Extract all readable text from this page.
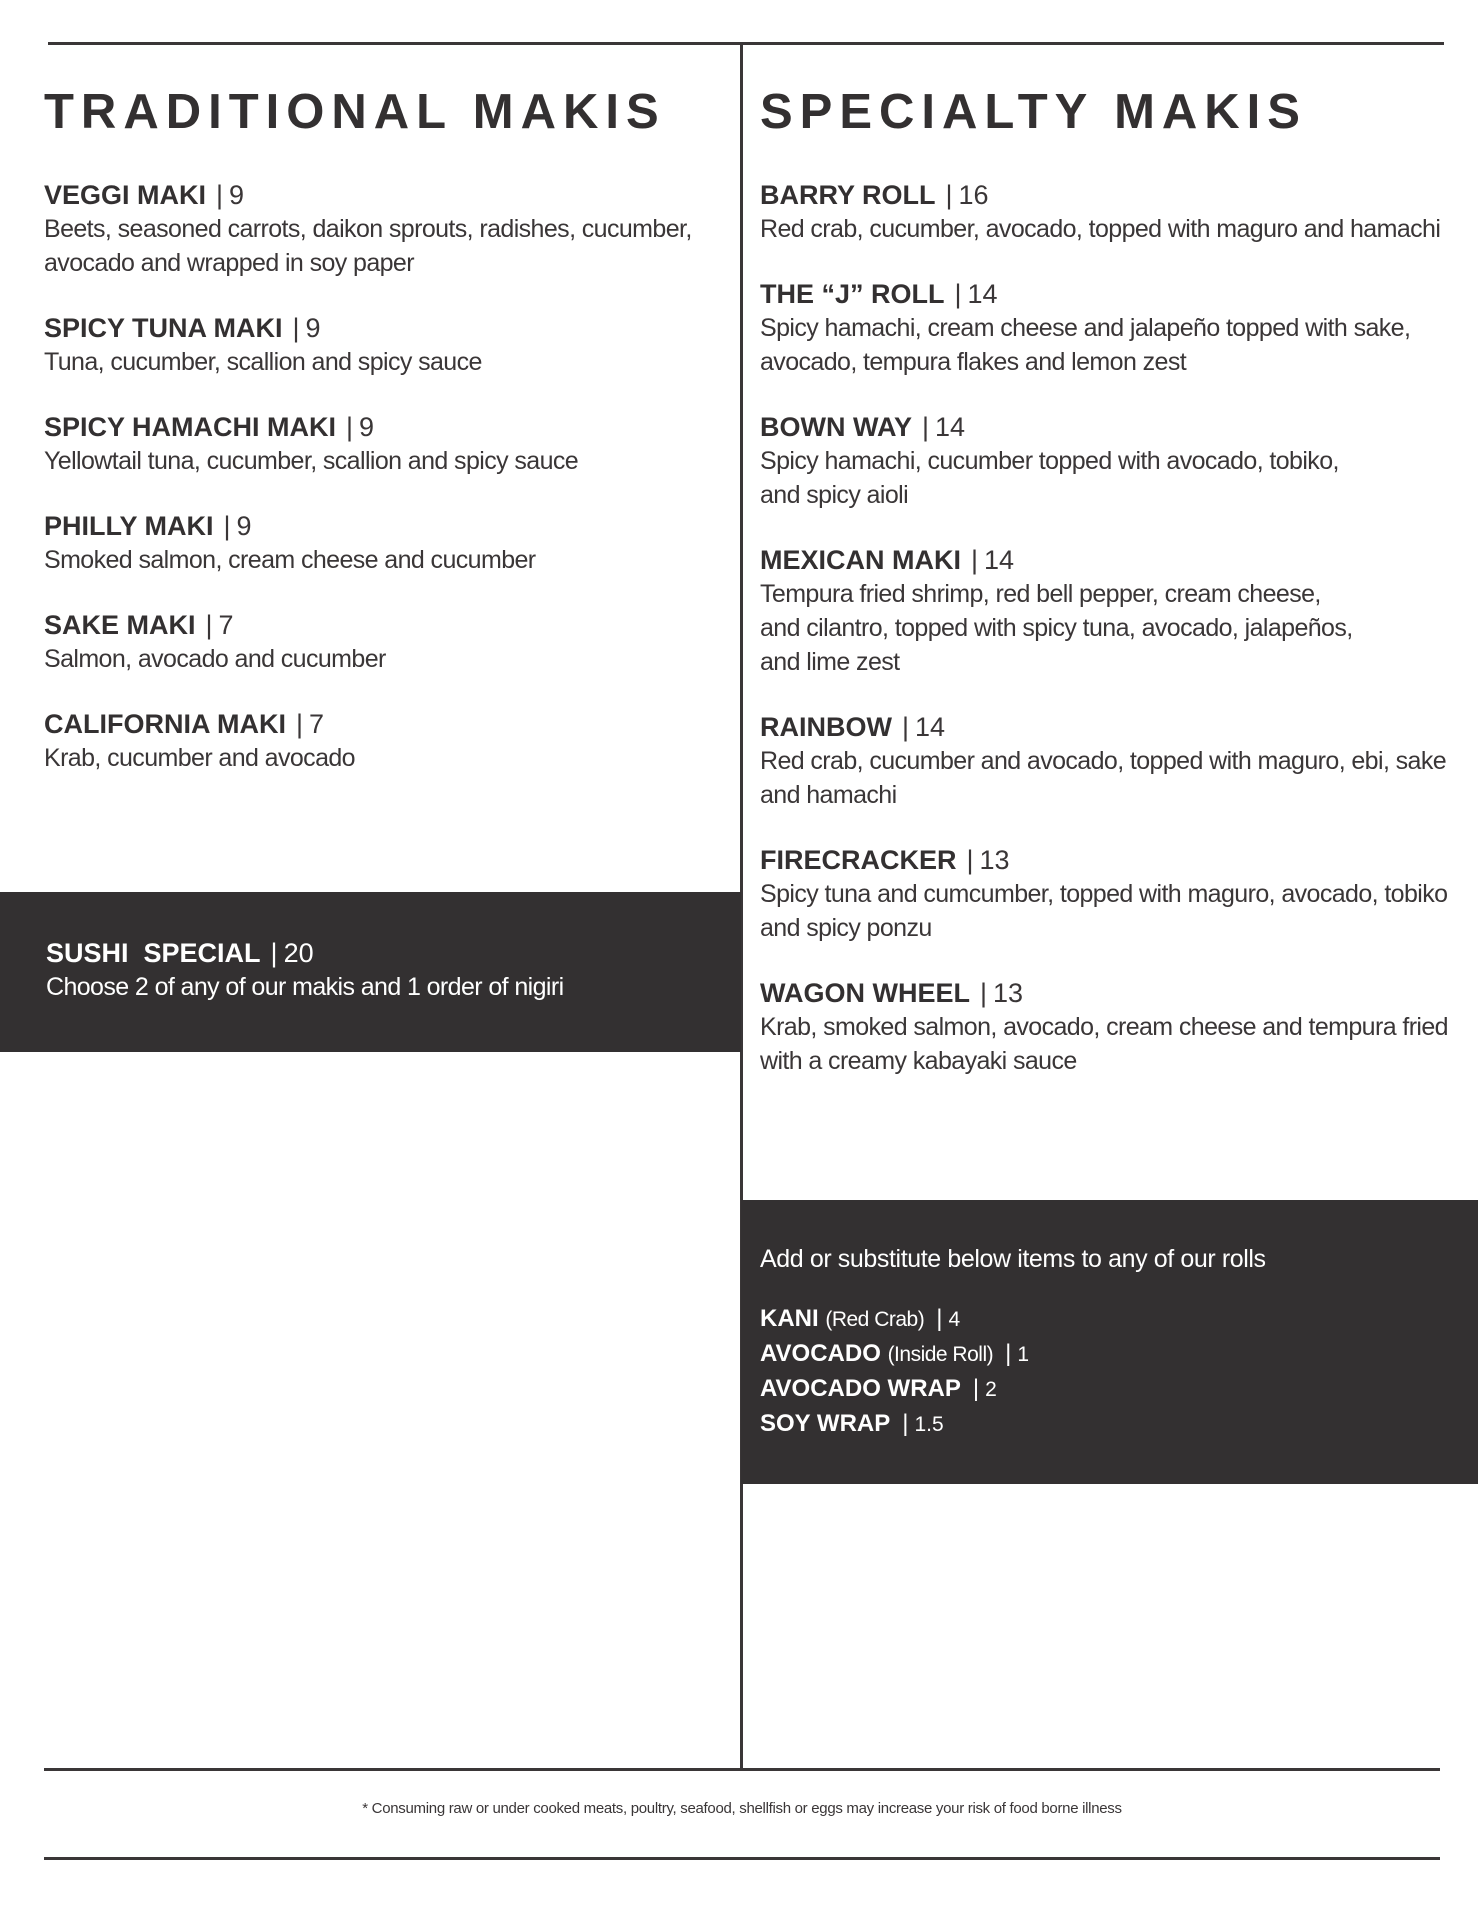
TRADITIONAL MAKIS
VEGGI MAKI | 9
Beets, seasoned carrots, daikon sprouts, radishes, cucumber, avocado and wrapped in soy paper
SPICY TUNA MAKI | 9
Tuna, cucumber, scallion and spicy sauce
SPICY HAMACHI MAKI | 9
Yellowtail tuna, cucumber, scallion and spicy sauce
PHILLY MAKI | 9
Smoked salmon, cream cheese and cucumber
SAKE MAKI | 7
Salmon, avocado and cucumber
CALIFORNIA MAKI | 7
Krab, cucumber and avocado
SUSHI  SPECIAL | 20
Choose 2 of any of our makis and 1 order of nigiri
SPECIALTY MAKIS
BARRY ROLL | 16
Red crab, cucumber, avocado, topped with maguro and hamachi
THE “J” ROLL | 14
Spicy hamachi, cream cheese and jalapeño topped with sake, avocado, tempura flakes and lemon zest
BOWN WAY | 14
Spicy hamachi, cucumber topped with avocado, tobiko, and spicy aioli
MEXICAN MAKI | 14
Tempura fried shrimp, red bell pepper, cream cheese, and cilantro, topped with spicy tuna, avocado, jalapeños, and lime zest
RAINBOW | 14
Red crab, cucumber and avocado, topped with maguro, ebi, sake and hamachi
FIRECRACKER | 13
Spicy tuna and cumcumber, topped with maguro, avocado, tobiko and spicy ponzu
WAGON WHEEL | 13
Krab, smoked salmon, avocado, cream cheese and tempura fried with a creamy kabayaki sauce
Add or substitute below items to any of our rolls
KANI (Red Crab) | 4
AVOCADO (Inside Roll) | 1
AVOCADO WRAP | 2
SOY WRAP | 1.5
* Consuming raw or under cooked meats, poultry, seafood, shellfish or eggs may increase your risk of food borne illness
